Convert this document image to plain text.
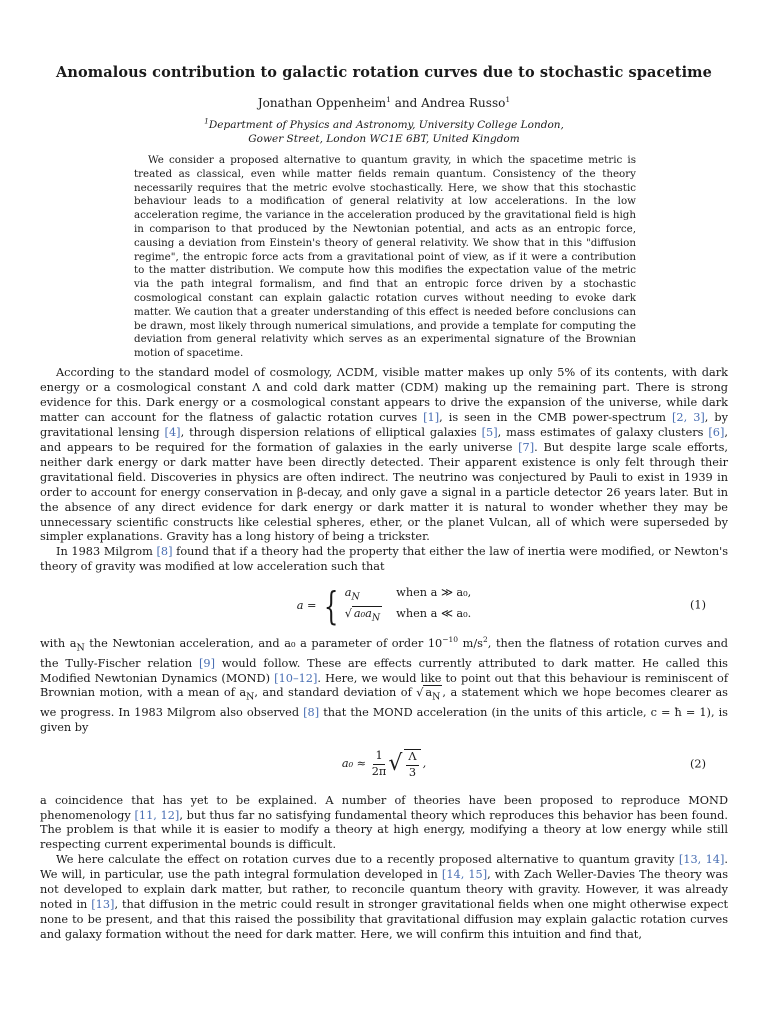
Anomalous contribution to galactic rotation curves due to stochastic spacetime
Jonathan Oppenheim$^1$ and Andrea Russo$^1$
$^1$Department of Physics and Astronomy, University College London,
Gower Street, London WC1E 6BT, United Kingdom

We consider a proposed alternative to quantum gravity, in which the spacetime metric is treated as classical, even while matter fields remain quantum. Consistency of the theory necessarily requires that the metric evolve stochastically. Here, we show that this stochastic behaviour leads to a modification of general relativity at low accelerations. In the low acceleration regime, the variance in the acceleration produced by the gravitational field is high in comparison to that produced by the Newtonian potential, and acts as an entropic force, causing a deviation from Einstein's theory of general relativity. We show that in this "diffusion regime", the entropic force acts from a gravitational point of view, as if it were a contribution to the matter distribution. We compute how this modifies the expectation value of the metric via the path integral formalism, and find that an entropic force driven by a stochastic cosmological constant can explain galactic rotation curves without needing to evoke dark matter. We caution that a greater understanding of this effect is needed before conclusions can be drawn, most likely through numerical simulations, and provide a template for computing the deviation from general relativity which serves as an experimental signature of the Brownian motion of spacetime.

According to the standard model of cosmology, ΛCDM, visible matter makes up only 5% of its contents, with dark energy or a cosmological constant Λ and cold dark matter (CDM) making up the remaining part. There is strong evidence for this. Dark energy or a cosmological constant appears to drive the expansion of the universe, while dark matter can account for the flatness of galactic rotation curves [1], is seen in the CMB power-spectrum [2, 3], by gravitational lensing [4], through dispersion relations of elliptical galaxies [5], mass estimates of galaxy clusters [6], and appears to be required for the formation of galaxies in the early universe [7]. But despite large scale efforts, neither dark energy or dark matter have been directly detected. Their apparent existence is only felt through their gravitational field. Discoveries in physics are often indirect. The neutrino was conjectured by Pauli to exist in 1939 in order to account for energy conservation in β-decay, and only gave a signal in a particle detector 26 years later. But in the absence of any direct evidence for dark energy or dark matter it is natural to wonder whether they may be unnecessary scientific constructs like celestial spheres, ether, or the planet Vulcan, all of which were superseded by simpler explanations. Gravity has a long history of being a trickster.

In 1983 Milgrom [8] found that if a theory had the property that either the law of inertia were modified, or Newton's theory of gravity was modified at low acceleration such that

a = { $a_N$	when a ≫ a₀,
√ $a_0a_N$ when a ≪ a₀.
(1)

with $a_N$ the Newtonian acceleration, and a₀ a parameter of order $10^{-10}$ $m/s^2$, then the flatness of rotation curves and the Tully-Fischer relation [9] would follow. These are effects currently attributed to dark matter. He called this Modified Newtonian Dynamics (MOND) [10–12]. Here, we would like to point out that this behaviour is reminiscent of Brownian motion, with a mean of $a_N$, and standard deviation of √ $a_N$ , a statement which we hope becomes clearer as we progress. In 1983 Milgrom also observed [8] that the MOND acceleration (in the units of this article, c = ħ = 1), is given by

a₀ ≈
$\frac{1}{2\pi}$ √ $\frac{\Lambda}{3}$ ,	(2)

a coincidence that has yet to be explained. A number of theories have been proposed to reproduce MOND phenomenology [11, 12], but thus far no satisfying fundamental theory which reproduces this behavior has been found. The problem is that while it is easier to modify a theory at high energy, modifying a theory at low energy while still respecting current experimental bounds is difficult.

We here calculate the effect on rotation curves due to a recently proposed alternative to quantum gravity [13, 14]. We will, in particular, use the path integral formulation developed in [14, 15], with Zach Weller-Davies The theory was not developed to explain dark matter, but rather, to reconcile quantum theory with gravity. However, it was already noted in [13], that diffusion in the metric could result in stronger gravitational fields when one might otherwise expect none to be present, and that this raised the possibility that gravitational diffusion may explain galactic rotation curves and galaxy formation without the need for dark matter. Here, we will confirm this intuition and find that,
